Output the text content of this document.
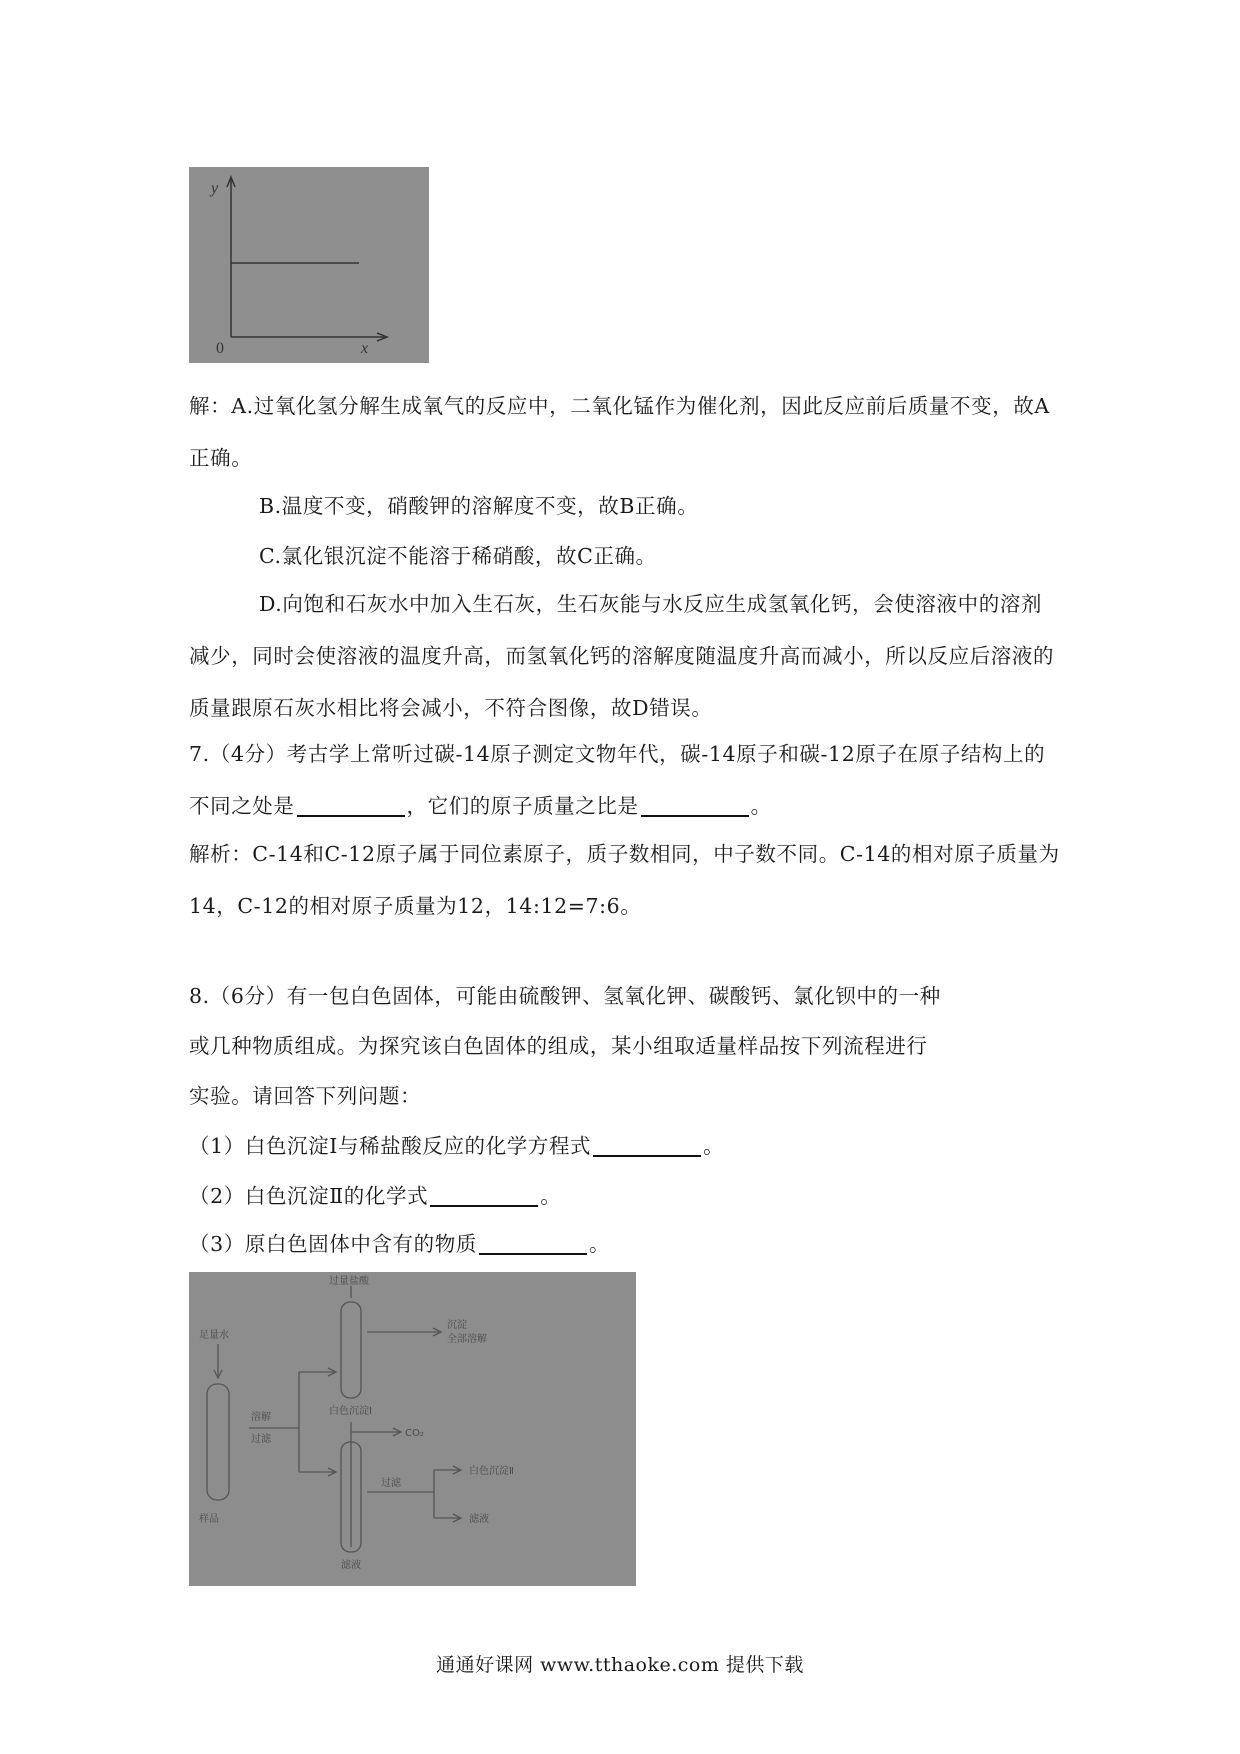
y
x
0

解：A.过氧化氢分解生成氧气的反应中，二氧化锰作为催化剂，因此反应前后质量不变，故A正确。

B.温度不变，硝酸钾的溶解度不变，故B正确。

C.氯化银沉淀不能溶于稀硝酸，故C正确。

D.向饱和石灰水中加入生石灰，生石灰能与水反应生成氢氧化钙，会使溶液中的溶剂减少，同时会使溶液的温度升高，而氢氧化钙的溶解度随温度升高而减小，所以反应后溶液的质量跟原石灰水相比将会减小，不符合图像，故D错误。

7.（4分）考古学上常听过碳-14原子测定文物年代，碳-14原子和碳-12原子在原子结构上的不同之处是	，它们的原子质量之比是	。

解析：C-14和C-12原子属于同位素原子，质子数相同，中子数不同。C-14的相对原子质量为14，C-12的相对原子质量为12，14:12=7:6。

8.（6分）有一包白色固体，可能由硫酸钾、氢氧化钾、碳酸钙、氯化钡中的一种

或几种物质组成。为探究该白色固体的组成，某小组取适量样品按下列流程进行

实验。请回答下列问题：

（1）白色沉淀Ⅰ与稀盐酸反应的化学方程式	。

（2）白色沉淀Ⅱ的化学式	。

（3）原白色固体中含有的物质	。

过量盐酸
足量水
样品
溶解
过滤
白色沉淀Ⅰ
沉淀
全部溶解
CO₂
滤液
过滤
白色沉淀Ⅱ
滤液
通通好课网 www.tthaoke.com 提供下载
